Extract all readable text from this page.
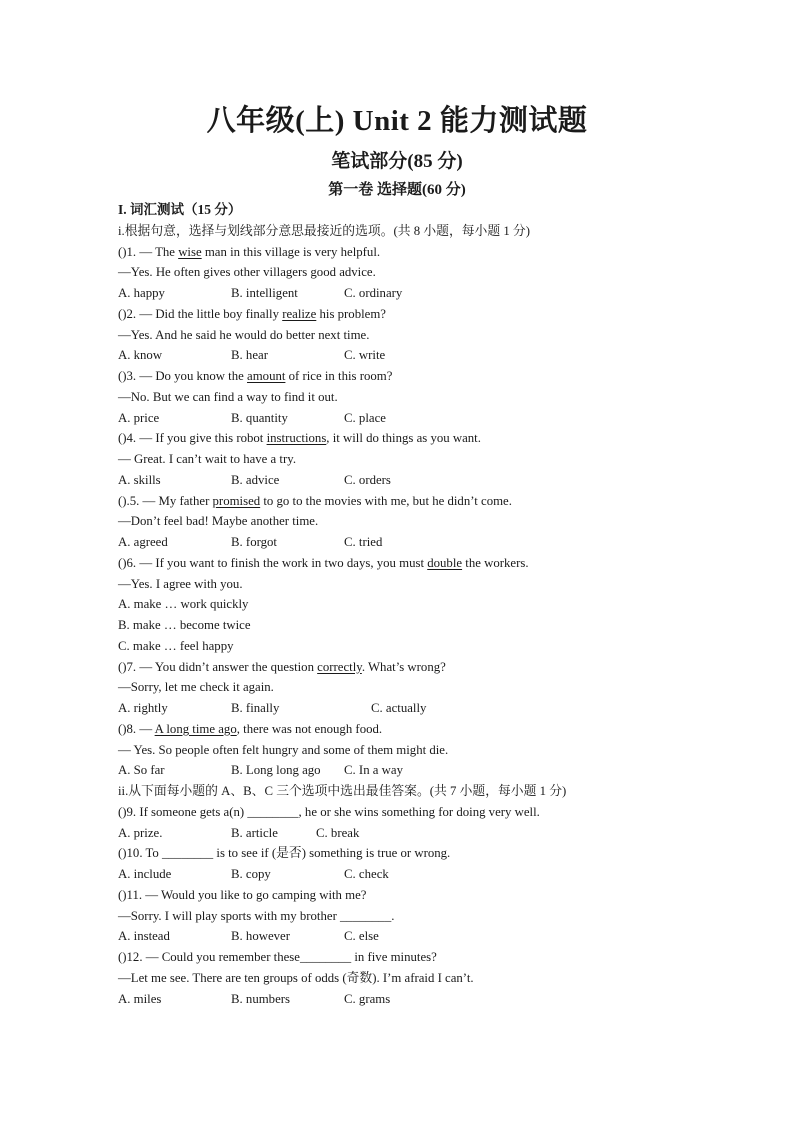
八年级(上) Unit 2 能力测试题
笔试部分(85 分)
第一卷 选择题(60 分)
I. 词汇测试（15 分）
i.根据句意，选择与划线部分意思最接近的选项。(共 8 小题，每小题 1 分)
()1. — The wise man in this village is very helpful.
—Yes. He often gives other villagers good advice.
A. happy	B. intelligent	C. ordinary
()2. — Did the little boy finally realize his problem?
—Yes. And he said he would do better next time.
A. know	B. hear	C. write
()3. — Do you know the amount of rice in this room?
—No. But we can find a way to find it out.
A. price	B. quantity	C. place
()4. — If you give this robot instructions, it will do things as you want.
— Great. I can’t wait to have a try.
A. skills	B. advice	C. orders
().5. — My father promised to go to the movies with me, but he didn’t come.
—Don’t feel bad! Maybe another time.
A. agreed	B. forgot	C. tried
()6. — If you want to finish the work in two days, you must double the workers.
—Yes. I agree with you.
A. make … work quickly
B. make … become twice
C. make … feel happy
()7. — You didn’t answer the question correctly. What’s wrong?
—Sorry, let me check it again.
A. rightly	B. finally	C. actually
()8. — A long time ago, there was not enough food.
— Yes. So people often felt hungry and some of them might die.
A. So far	B. Long long ago C. In a way
ii.从下面每小题的 A、B、C 三个选项中选出最佳答案。(共 7 小题，每小题 1 分)
()9. If someone gets a(n) ________, he or she wins something for doing very well.
A. prize.	B. article	C. break
()10. To ________ is to see if (是否) something is true or wrong.
A. include	B. copy	C. check
()11. — Would you like to go camping with me?
—Sorry. I will play sports with my brother ________.
A. instead	B. however	C. else
()12. — Could you remember these________ in five minutes?
—Let me see. There are ten groups of odds (奇数). I’m afraid I can’t.
A. miles	B. numbers	C. grams
